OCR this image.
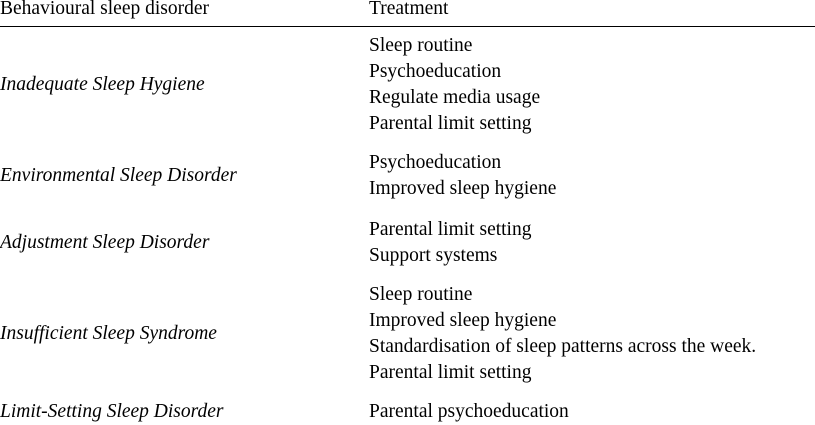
Behavioural sleep disorder	Treatment
Inadequate Sleep Hygiene
Sleep routine
Psychoeducation
Regulate media usage
Parental limit setting
Environmental Sleep Disorder
Psychoeducation
Improved sleep hygiene
Adjustment Sleep Disorder
Parental limit setting
Support systems
Insufficient Sleep Syndrome
Sleep routine
Improved sleep hygiene
Standardisation of sleep patterns across the week.
Parental limit setting
Limit-Setting Sleep Disorder	Parental psychoeducation
